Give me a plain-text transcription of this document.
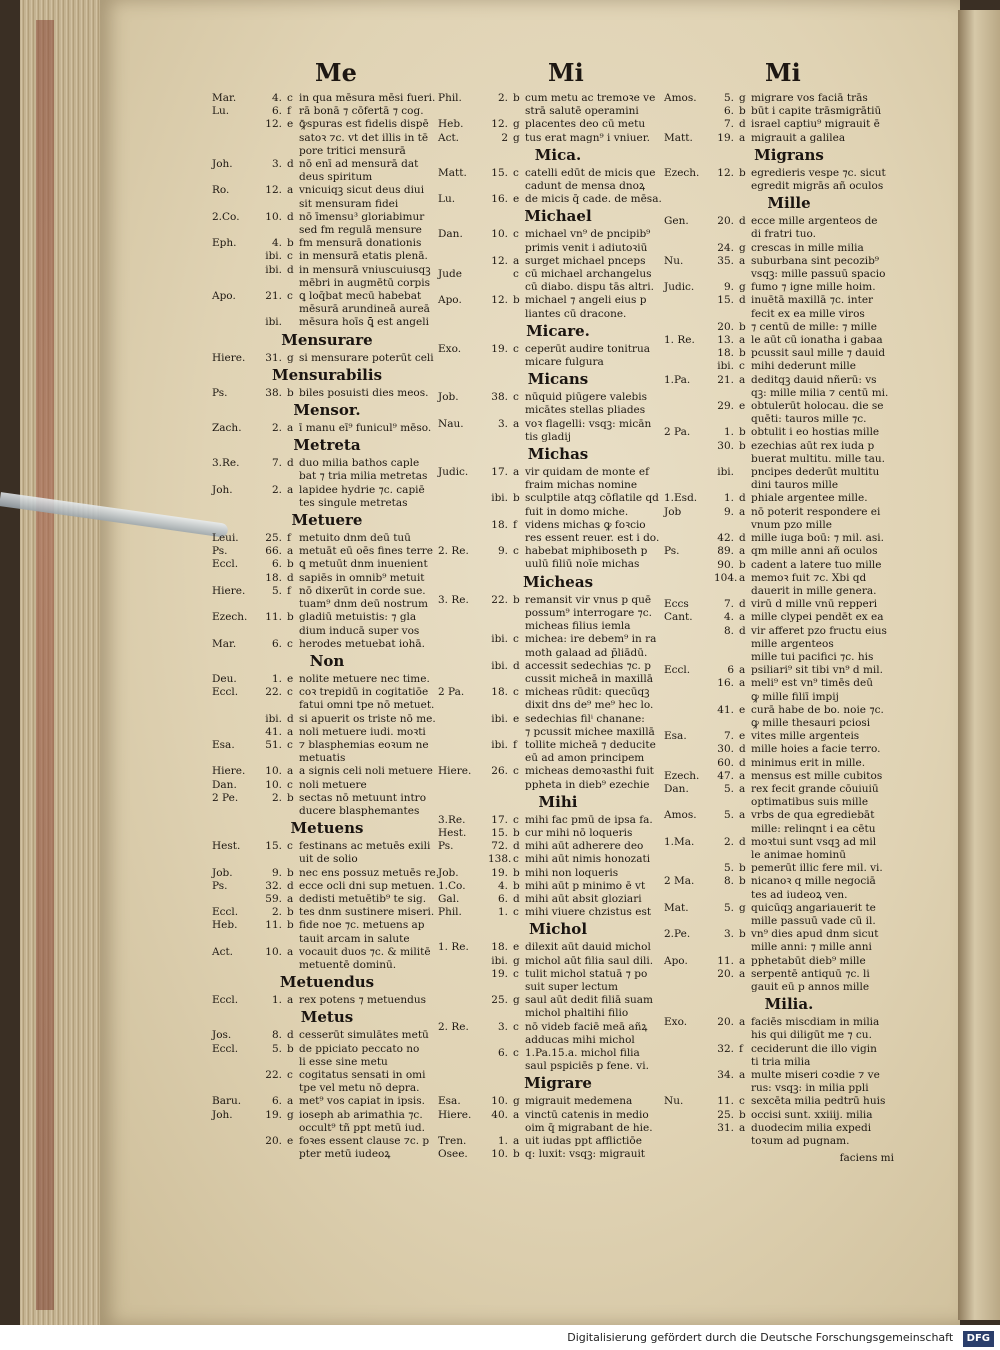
Me	Mi	Mi
Mar.	4. c in qua mēsura mēsi fueri.
Lu.	6. f rā bonā ⁊ cōfertā ⁊ cog.
12. e ꝙ̄spuras est fidelis dispē
satoꝛ ⁊c. vt det illis in tē
pore tritici mensurā
Joh.	3. d nō enī ad mensurā dat
deus spiritum
Ro.	12. a vnicuiqꝫ sicut deus diui
sit mensuram fidei
2.Co.	10. d nō īmensu³ gloriabimur
sed fm regulā mensure
Eph.	4. b fm mensurā donationis
ibi. c in mensurā etatis plenā.
ibi. d in mensurā vniuscuiusqꝫ
mēbri in augmētū corpis
Apo.	21. c ꝗ loq̄bat mecū habebat
mēsurā arundineā aureā
ibi.	mēsura hoīs ꝗ̄ est angeli
Mensurare
Hiere.	31. g si mensurare poterūt celi
Mensurabilis
Ps.	38. b biles posuisti dies meos.
Mensor.
Zach.	2. a ī manu eī⁹ funicul⁹ mēso.
Metreta
3.Re.	7. d duo milia bathos caple
bat ⁊ tria milia metretas
Joh.	2. a lapidee hydrie ⁊c. capiē
tes singule metretas
Metuere
Leui.	25. f metuito dnm deū tuū
Ps.	66. a metuāt eū oēs fines terre
Eccl.	6. b ꝗ metuūt dnm inuenient
18. d sapiēs in omnib⁹ metuit
Hiere.	5. f nō dixerūt in corde sue.
tuam⁹ dnm deū nostrum
Ezech.	11. b gladiū metuistis: ⁊ gla
dium inducā super vos
Mar.	6. c herodes metuebat iohā.
Non
Deu.	1. e nolite metuere nec time.
Eccl.	22. c coꝛ trepidū in cogitatiōe
fatui omni tpe nō metuet.
ibi. d si apuerit os triste nō me.
41. a noli metuere iudi. moꝛti
Esa.	51. c ⁊ blasphemias eoꝛum ne
metuatis
Hiere.	10. a a signis celi noli metuere
Dan.	10. c noli metuere
2 Pe.	2. b sectas nō metuunt intro
ducere blasphemantes
Metuens
Hest.	15. c festinans ac metuēs exili
uit de solio
Job.	9. b nec ens possuz metuēs re.
Ps.	32. d ecce ocli dni sup metuen.
59. a dedisti metuētib⁹ te sig.
Eccl.	2. b tes dnm sustinere miseri.
Heb.	11. b fide noe ⁊c. metuens ap
tauit arcam in salute
Act.	10. a vocauit duos ⁊c. & militē
metuentē dominū.
Metuendus
Eccl.	1. a rex potens ⁊ metuendus
Metus
Jos.	8. d cesserūt simulātes metū
Eccl.	5. b de ppiciato peccato no
li esse sine metu
22. c cogitatus sensati in omi
tpe vel metu nō depra.
Baru.	6. a met⁹ vos capiat in ipsis.
Joh.	19. g ioseph ab arimathia ⁊c.
occult⁹ tñ ppt metū iud.
20. e foꝛes essent clause ⁊c. p
pter metū iudeoꝝ
Phil.	2. b cum metu ac tremoꝛe ve
strā salutē operamini
Heb.	12. g placentes deo cū metu
Act.	2 g tus erat magn⁹ i vniuer.
Mica.
Matt.	15. c catelli edūt de micis que
cadunt de mensa dnoꝝ
Lu.	16. e de micis q̄ cade. de mēsa.
Michael
Dan.	10. c michael vn⁹ de pncipib⁹
primis venit i adiutoꝛiū
12. a surget michael pnceps
Jude	c cū michael archangelus
cū diabo. dispu tās altri.
Apo.	12. b michael ⁊ angeli eius p
liantes cū dracone.
Micare.
Exo.	19. c ceperūt audire tonitrua
micare fulgura
Micans
Job.	38. c nūquid piūgere valebis
micātes stellas pliades
Nau.	3. a voꝛ flagelli: vsqꝫ: micān
tis gladij
Michas
Judic.	17. a vir quidam de monte ef
fraim michas nomine
ibi. b sculptile atqꝫ cōflatile qd
fuit in domo miche.
18. f videns michas ꝙ foꝛcio
res essent reuer. est i do.
2. Re.	9. c habebat miphiboseth p
uulū filiū noīe michas
Micheas
3. Re.	22. b remansit vir vnus p quē
possum⁹ interrogare ⁊c.
micheas filius iemla
ibi. c michea: ire debem⁹ in ra
moth galaad ad p̄liādū.
ibi. d accessit sedechias ⁊c. p
cussit micheā in maxillā
2 Pa.	18. c micheas rūdit: quecūqꝫ
dixit dns de⁹ me⁹ hec lo.
ibi. e sedechias filⁱ chanane:
⁊ pcussit michee maxillā
ibi. f tollite micheā ⁊ deducite
eū ad amon principem
Hiere.	26. c micheas demoꝛasthi fuit
ppheta in dieb⁹ ezechie
Mihi
3.Re.	17. c mihi fac pmū de ipsa fa.
Hest.	15. b cur mihi nō loqueris
Ps.	72. d mihi aūt adherere deo
138. c mihi aūt nimis honozati
Job.	19. b mihi non loqueris
1.Co.	4. b mihi aūt p minimo ē vt
Gal.	6. d mihi aūt absit gloziari
Phil.	1. c mihi viuere chzistus est
Michol
1. Re.	18. e dilexit aūt dauid michol
ibi. g michol aūt filia saul dili.
19. c tulit michol statuā ⁊ po
suit super lectum
25. g saul aūt dedit filiā suam
michol phaltihi filio
2. Re.	3. c nō videb faciē meā añꝝ
adducas mihi michol
6. c 1.Pa.15.a. michol filia
saul pspiciēs p fene. vi.
Migrare
Esa.	10. g migrauit medemena
Hiere.	40. a vinctū catenis in medio
oim q̄ migrabant de hie.
Tren.	1. a uit iudas ppt afflictiōe
Osee.	10. b q: luxit: vsqꝫ: migrauit
Amos.	5. g migrare vos faciā trās
6. b būt i capite trāsmigrātiū
7. d israel captiu⁹ migrauit ē
Matt.	19. a migrauit a galilea
Migrans
Ezech.	12. b egredieris vespe ⁊c. sicut
egredit migrās añ oculos
Mille
Gen.	20. d ecce mille argenteos de
di fratri tuo.
24. g crescas in mille milia
Nu.	35. a suburbana sint pecozib⁹
vsqꝫ: mille passuū spacio
Judic.	9. g fumo ⁊ igne mille hoim.
15. d inuētā maxillā ⁊c. inter
fecit ex ea mille viros
20. b ⁊ centū de mille: ⁊ mille
1. Re.	13. a le aūt cū ionatha i gabaa
18. b pcussit saul mille ⁊ dauid
ibi. c mihi dederunt mille
1.Pa.	21. a deditqꝫ dauid nñerū: vs
qꝫ: mille milia ⁊ centū mi.
29. e obtulerūt holocau. die se
quēti: tauros mille ⁊c.
2 Pa.	1. b obtulit i eo hostias mille
30. b ezechias aūt rex iuda p
buerat multitu. mille tau.
ibi.	pncipes dederūt multitu
dini tauros mille
1.Esd.	1. d phiale argentee mille.
Job	9. a nō poterit respondere ei
vnum pzo mille
42. d mille iuga boū: ⁊ mil. asi.
Ps.	89. a qm mille anni añ oculos
90. b cadent a latere tuo mille
104. a memoꝛ fuit ⁊c. Xbi qd
dauerit in mille genera.
Eccs	7. d virū d mille vnū repperi
Cant.	4. a mille clypei pendēt ex ea
8. d vir afferet pzo fructu eius
mille argenteos
mille tui pacifici ⁊c. his
Eccl.	6 a psiliari⁹ sit tibi vn⁹ d mil.
16. a meli⁹ est vn⁹ timēs deū
ꝙ mille filiī impij
41. e curā habe de bo. noie ⁊c.
ꝙ mille thesauri pciosi
Esa.	7. e vites mille argenteis
30. d mille hoies a facie terro.
60. d minimus erit in mille.
Ezech.	47. a mensus est mille cubitos
Dan.	5. a rex fecit grande cōuiuiū
optimatibus suis mille
Amos.	5. a vrbs de qua egrediebāt
mille: relinqnt i ea cētu
1.Ma.	2. d moꝛtui sunt vsqꝫ ad mil
le animae hominū
5. b pemerūt illic fere mil. vi.
2 Ma.	8. b nicanoꝛ q mille negociā
tes ad iudeoꝝ ven.
Mat.	5. g quicūqꝫ angariauerit te
mille passuū vade cū il.
2.Pe.	3. b vn⁹ dies apud dnm sicut
mille anni: ⁊ mille anni
Apo.	11. a pphetabūt dieb⁹ mille
20. a serpentē antiquū ⁊c. li
gauit eū p annos mille
Milia.
Exo.	20. a faciēs miscdiam in milia
his qui diligūt me ⁊ cu.
32. f ceciderunt die illo vigin
ti tria milia
34. a multe miseri coꝛdie ⁊ ve
rus: vsqꝫ: in milia ppli
Nu.	11. c sexcēta milia pedtrū huis
25. b occisi sunt. xxiiij. milia
31. a duodecim milia expedi
toꝛum ad pugnam.
faciens mi
Digitalisierung gefördert durch die Deutsche Forschungsgemeinschaft DFG
